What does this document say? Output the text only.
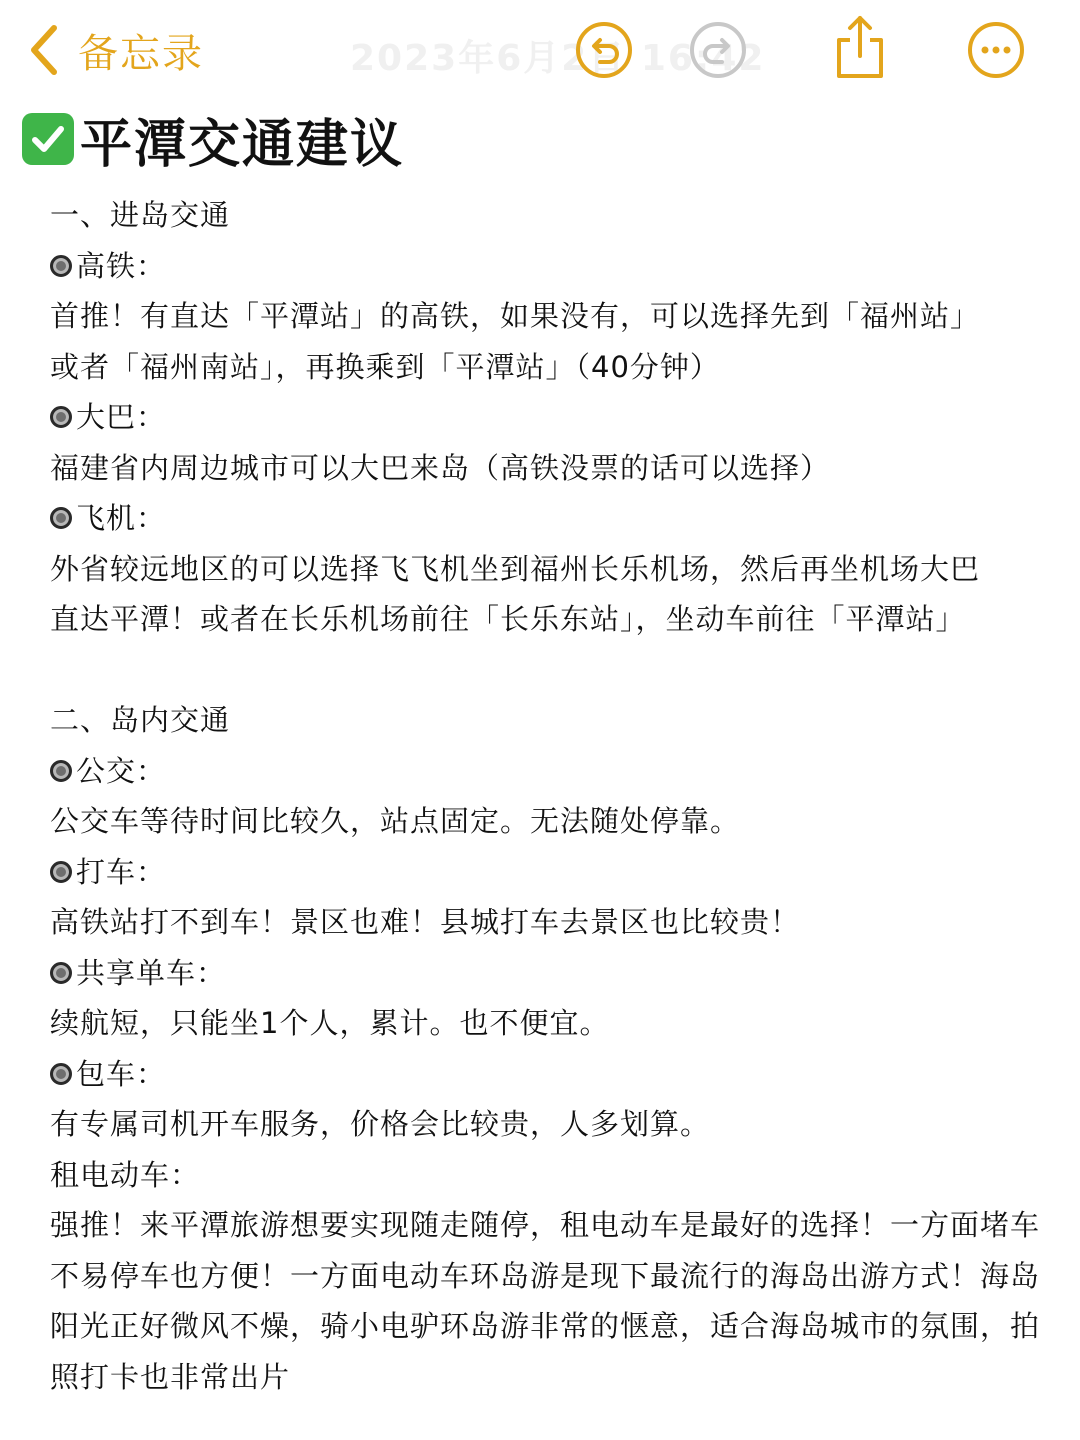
备忘录	2023年6月2日 16:42
平潭交通建议
一、进岛交通
高铁：
首推！有直达「平潭站」的高铁，如果没有，可以选择先到「福州站」
或者「福州南站」，再换乘到「平潭站」（40分钟）
大巴：
福建省内周边城市可以大巴来岛（高铁没票的话可以选择）
飞机：
外省较远地区的可以选择飞飞机坐到福州长乐机场，然后再坐机场大巴
直达平潭！或者在长乐机场前往「长乐东站」，坐动车前往「平潭站」
二、岛内交通
公交：
公交车等待时间比较久，站点固定。无法随处停靠。
打车：
高铁站打不到车！景区也难！县城打车去景区也比较贵！
共享单车：
续航短，只能坐1个人，累计。也不便宜。
包车：
有专属司机开车服务，价格会比较贵，人多划算。
租电动车：
强推！来平潭旅游想要实现随走随停，租电动车是最好的选择！一方面堵车
不易停车也方便！一方面电动车环岛游是现下最流行的海岛出游方式！海岛
阳光正好微风不燥，骑小电驴环岛游非常的惬意，适合海岛城市的氛围，拍
照打卡也非常出片
